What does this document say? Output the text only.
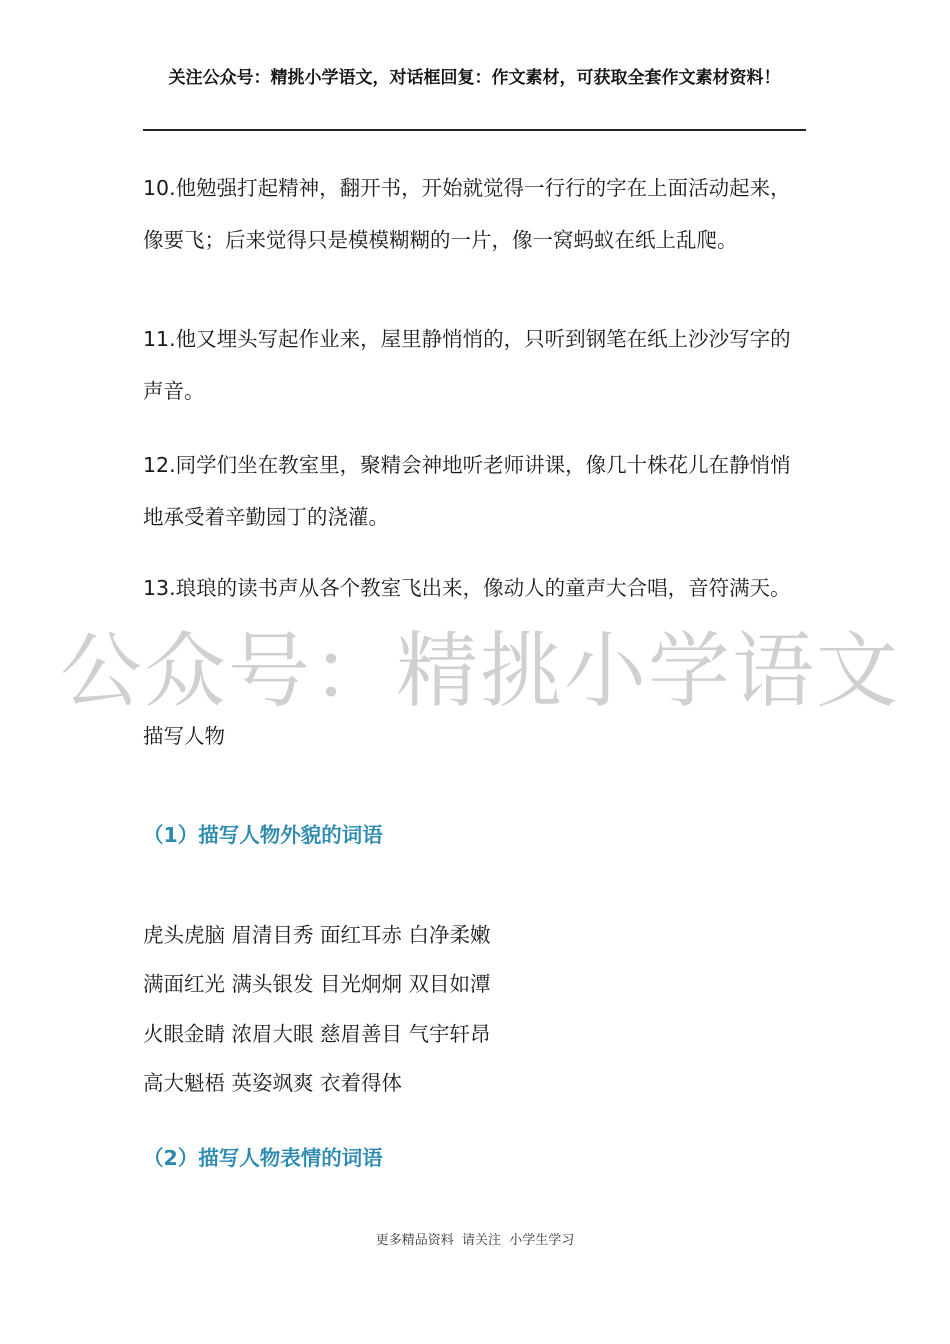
关注公众号：精挑小学语文，对话框回复：作文素材，可获取全套作文素材资料！
10.他勉强打起精神，翻开书，开始就觉得一行行的字在上面活动起来，像要飞；后来觉得只是模模糊糊的一片，像一窝蚂蚁在纸上乱爬。
11.他又埋头写起作业来，屋里静悄悄的，只听到钢笔在纸上沙沙写字的声音。
12.同学们坐在教室里，聚精会神地听老师讲课，像几十株花儿在静悄悄地承受着辛勤园丁的浇灌。
13.琅琅的读书声从各个教室飞出来，像动人的童声大合唱，音符满天。
描写人物
（1）描写人物外貌的词语
虎头虎脑 眉清目秀 面红耳赤 白净柔嫩
满面红光 满头银发 目光炯炯 双目如潭
火眼金睛 浓眉大眼 慈眉善目 气宇轩昂
高大魁梧 英姿飒爽 衣着得体
（2）描写人物表情的词语
公众号：精挑小学语文
更多精品资料  请关注  小学生学习
